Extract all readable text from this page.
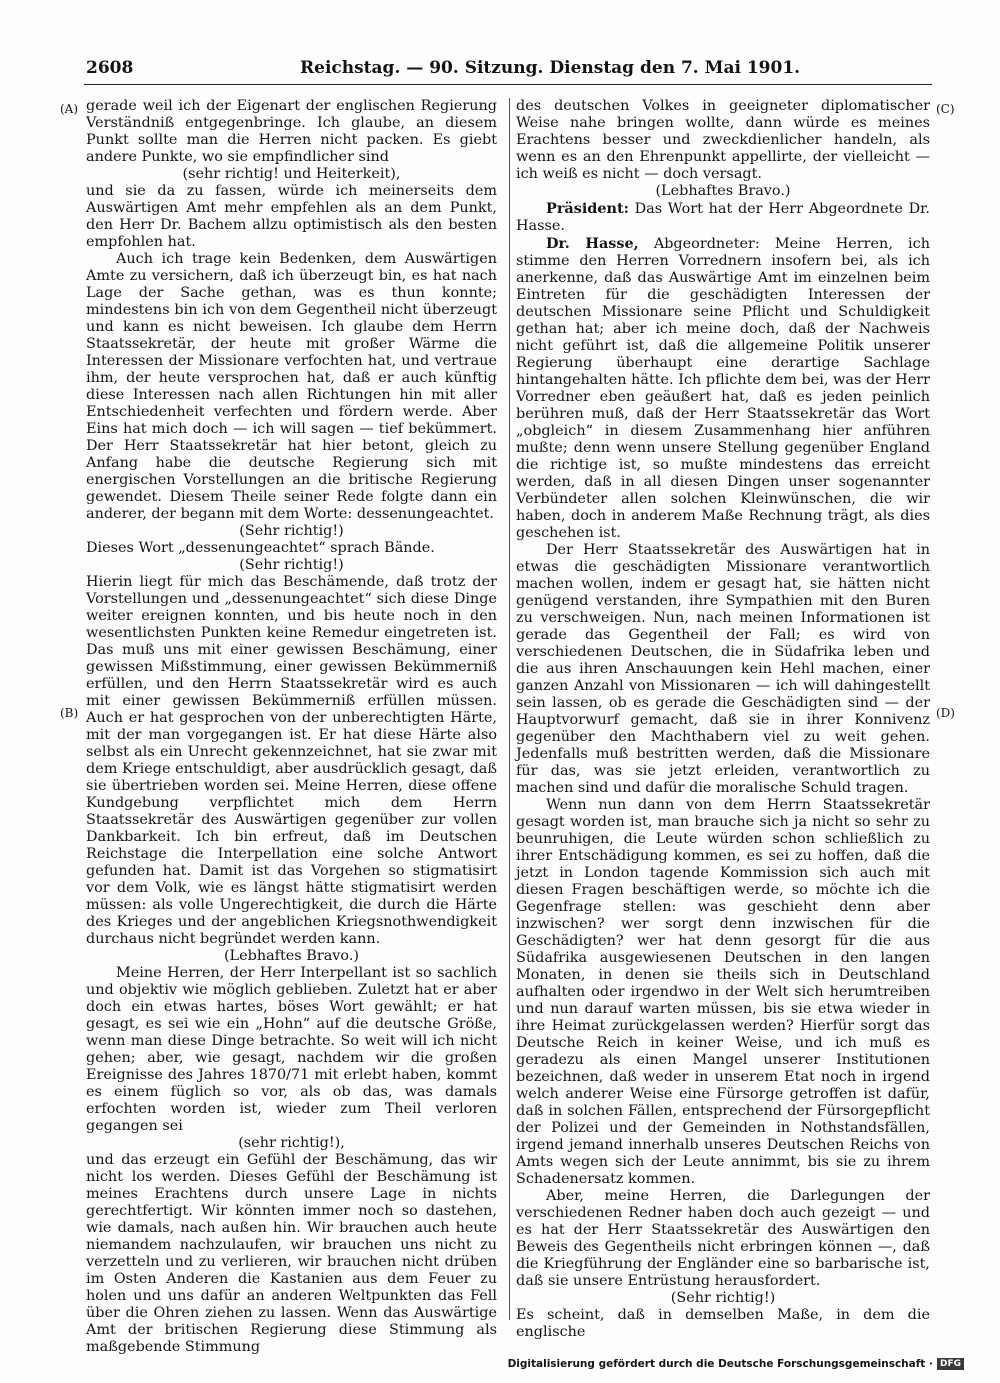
2608	Reichstag. — 90. Sitzung. Dienstag den 7. Mai 1901.
(A)
(B)
(C)
(D)

gerade weil ich der Eigenart der englischen Regierung Verständniß entgegenbringe. Ich glaube, an diesem Punkt sollte man die Herren nicht packen. Es giebt andere Punkte, wo sie empfindlicher sind

(sehr richtig! und Heiterkeit),

und sie da zu fassen, würde ich meinerseits dem Auswärtigen Amt mehr empfehlen als an dem Punkt, den Herr Dr. Bachem allzu optimistisch als den besten empfohlen hat.

Auch ich trage kein Bedenken, dem Auswärtigen Amte zu versichern, daß ich überzeugt bin, es hat nach Lage der Sache gethan, was es thun konnte; mindestens bin ich von dem Gegentheil nicht überzeugt und kann es nicht beweisen. Ich glaube dem Herrn Staatssekretär, der heute mit großer Wärme die Interessen der Missionare verfochten hat, und vertraue ihm, der heute versprochen hat, daß er auch künftig diese Interessen nach allen Richtungen hin mit aller Entschiedenheit verfechten und fördern werde. Aber Eins hat mich doch — ich will sagen — tief bekümmert. Der Herr Staatssekretär hat hier betont, gleich zu Anfang habe die deutsche Regierung sich mit energischen Vorstellungen an die britische Regierung gewendet. Diesem Theile seiner Rede folgte dann ein anderer, der begann mit dem Worte: dessenungeachtet.

(Sehr richtig!)

Dieses Wort „dessenungeachtet“ sprach Bände.

(Sehr richtig!)

Hierin liegt für mich das Beschämende, daß trotz der Vorstellungen und „dessenungeachtet“ sich diese Dinge weiter ereignen konnten, und bis heute noch in den wesentlichsten Punkten keine Remedur eingetreten ist. Das muß uns mit einer gewissen Beschämung, einer gewissen Mißstimmung, einer gewissen Bekümmerniß erfüllen, und den Herrn Staatssekretär wird es auch mit einer gewissen Bekümmerniß erfüllen müssen. Auch er hat gesprochen von der unberechtigten Härte, mit der man vorgegangen ist. Er hat diese Härte also selbst als ein Unrecht gekennzeichnet, hat sie zwar mit dem Kriege entschuldigt, aber ausdrücklich gesagt, daß sie übertrieben worden sei. Meine Herren, diese offene Kundgebung verpflichtet mich dem Herrn Staatssekretär des Auswärtigen gegenüber zur vollen Dankbarkeit. Ich bin erfreut, daß im Deutschen Reichstage die Interpellation eine solche Antwort gefunden hat. Damit ist das Vorgehen so stigmatisirt vor dem Volk, wie es längst hätte stigmatisirt werden müssen: als volle Ungerechtigkeit, die durch die Härte des Krieges und der angeblichen Kriegsnothwendigkeit durchaus nicht begründet werden kann.

(Lebhaftes Bravo.)

Meine Herren, der Herr Interpellant ist so sachlich und objektiv wie möglich geblieben. Zuletzt hat er aber doch ein etwas hartes, böses Wort gewählt; er hat gesagt, es sei wie ein „Hohn“ auf die deutsche Größe, wenn man diese Dinge betrachte. So weit will ich nicht gehen; aber, wie gesagt, nachdem wir die großen Ereignisse des Jahres 1870/71 mit erlebt haben, kommt es einem füglich so vor, als ob das, was damals erfochten worden ist, wieder zum Theil verloren gegangen sei

(sehr richtig!),

und das erzeugt ein Gefühl der Beschämung, das wir nicht los werden. Dieses Gefühl der Beschämung ist meines Erachtens durch unsere Lage in nichts gerechtfertigt. Wir könnten immer noch so dastehen, wie damals, nach außen hin. Wir brauchen auch heute niemandem nachzulaufen, wir brauchen uns nicht zu verzetteln und zu verlieren, wir brauchen nicht drüben im Osten Anderen die Kastanien aus dem Feuer zu holen und uns dafür an anderen Weltpunkten das Fell über die Ohren ziehen zu lassen. Wenn das Auswärtige Amt der britischen Regierung diese Stimmung als maßgebende Stimmung

des deutschen Volkes in geeigneter diplomatischer Weise nahe bringen wollte, dann würde es meines Erachtens besser und zweckdienlicher handeln, als wenn es an den Ehrenpunkt appellirte, der vielleicht — ich weiß es nicht — doch versagt.

(Lebhaftes Bravo.)

Präsident: Das Wort hat der Herr Abgeordnete Dr. Hasse.

Dr. Hasse, Abgeordneter: Meine Herren, ich stimme den Herren Vorrednern insofern bei, als ich anerkenne, daß das Auswärtige Amt im einzelnen beim Eintreten für die geschädigten Interessen der deutschen Missionare seine Pflicht und Schuldigkeit gethan hat; aber ich meine doch, daß der Nachweis nicht geführt ist, daß die allgemeine Politik unserer Regierung überhaupt eine derartige Sachlage hintangehalten hätte. Ich pflichte dem bei, was der Herr Vorredner eben geäußert hat, daß es jeden peinlich berühren muß, daß der Herr Staatssekretär das Wort „obgleich“ in diesem Zusammenhang hier anführen mußte; denn wenn unsere Stellung gegenüber England die richtige ist, so mußte mindestens das erreicht werden, daß in all diesen Dingen unser sogenannter Verbündeter allen solchen Kleinwünschen, die wir haben, doch in anderem Maße Rechnung trägt, als dies geschehen ist.

Der Herr Staatssekretär des Auswärtigen hat in etwas die geschädigten Missionare verantwortlich machen wollen, indem er gesagt hat, sie hätten nicht genügend verstanden, ihre Sympathien mit den Buren zu verschweigen. Nun, nach meinen Informationen ist gerade das Gegentheil der Fall; es wird von verschiedenen Deutschen, die in Südafrika leben und die aus ihren Anschauungen kein Hehl machen, einer ganzen Anzahl von Missionaren — ich will dahingestellt sein lassen, ob es gerade die Geschädigten sind — der Hauptvorwurf gemacht, daß sie in ihrer Konnivenz gegenüber den Machthabern viel zu weit gehen. Jedenfalls muß bestritten werden, daß die Missionare für das, was sie jetzt erleiden, verantwortlich zu machen sind und dafür die moralische Schuld tragen.

Wenn nun dann von dem Herrn Staatssekretär gesagt worden ist, man brauche sich ja nicht so sehr zu beunruhigen, die Leute würden schon schließlich zu ihrer Entschädigung kommen, es sei zu hoffen, daß die jetzt in London tagende Kommission sich auch mit diesen Fragen beschäftigen werde, so möchte ich die Gegenfrage stellen: was geschieht denn aber inzwischen? wer sorgt denn inzwischen für die Geschädigten? wer hat denn gesorgt für die aus Südafrika ausgewiesenen Deutschen in den langen Monaten, in denen sie theils sich in Deutschland aufhalten oder irgendwo in der Welt sich herumtreiben und nun darauf warten müssen, bis sie etwa wieder in ihre Heimat zurückgelassen werden? Hierfür sorgt das Deutsche Reich in keiner Weise, und ich muß es geradezu als einen Mangel unserer Institutionen bezeichnen, daß weder in unserem Etat noch in irgend welch anderer Weise eine Fürsorge getroffen ist dafür, daß in solchen Fällen, entsprechend der Fürsorgepflicht der Polizei und der Gemeinden in Nothstandsfällen, irgend jemand innerhalb unseres Deutschen Reichs von Amts wegen sich der Leute annimmt, bis sie zu ihrem Schadenersatz kommen.

Aber, meine Herren, die Darlegungen der verschiedenen Redner haben doch auch gezeigt — und es hat der Herr Staatssekretär des Auswärtigen den Beweis des Gegentheils nicht erbringen können —, daß die Kriegführung der Engländer eine so barbarische ist, daß sie unsere Entrüstung herausfordert.

(Sehr richtig!)

Es scheint, daß in demselben Maße, in dem die englische

Digitalisierung gefördert durch die Deutsche Forschungsgemeinschaft · DFG
